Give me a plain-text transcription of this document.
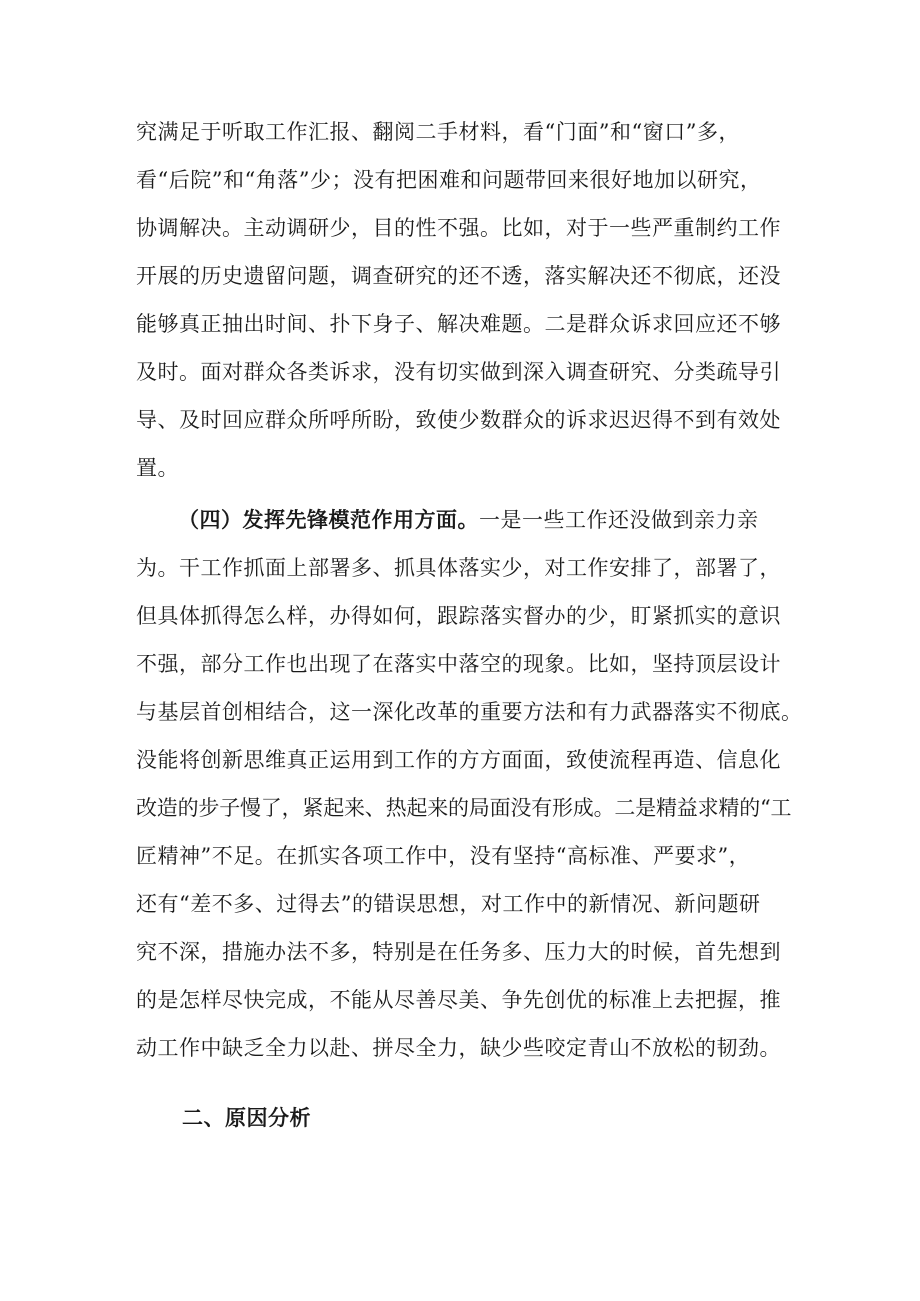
究满足于听取工作汇报、翻阅二手材料，看“门面”和“窗口”多，
看“后院”和“角落”少；没有把困难和问题带回来很好地加以研究，
协调解决。主动调研少，目的性不强。比如，对于一些严重制约工作
开展的历史遗留问题，调查研究的还不透，落实解决还不彻底，还没
能够真正抽出时间、扑下身子、解决难题。二是群众诉求回应还不够
及时。面对群众各类诉求，没有切实做到深入调查研究、分类疏导引
导、及时回应群众所呼所盼，致使少数群众的诉求迟迟得不到有效处
置。
（四）发挥先锋模范作用方面。一是一些工作还没做到亲力亲
为。干工作抓面上部署多、抓具体落实少，对工作安排了，部署了，
但具体抓得怎么样，办得如何，跟踪落实督办的少，盯紧抓实的意识
不强，部分工作也出现了在落实中落空的现象。比如，坚持顶层设计
与基层首创相结合，这一深化改革的重要方法和有力武器落实不彻底。
没能将创新思维真正运用到工作的方方面面，致使流程再造、信息化
改造的步子慢了，紧起来、热起来的局面没有形成。二是精益求精的“工
匠精神”不足。在抓实各项工作中，没有坚持“高标准、严要求”，
还有“差不多、过得去”的错误思想，对工作中的新情况、新问题研
究不深，措施办法不多，特别是在任务多、压力大的时候，首先想到
的是怎样尽快完成，不能从尽善尽美、争先创优的标准上去把握，推
动工作中缺乏全力以赴、拼尽全力，缺少些咬定青山不放松的韧劲。
二、原因分析
